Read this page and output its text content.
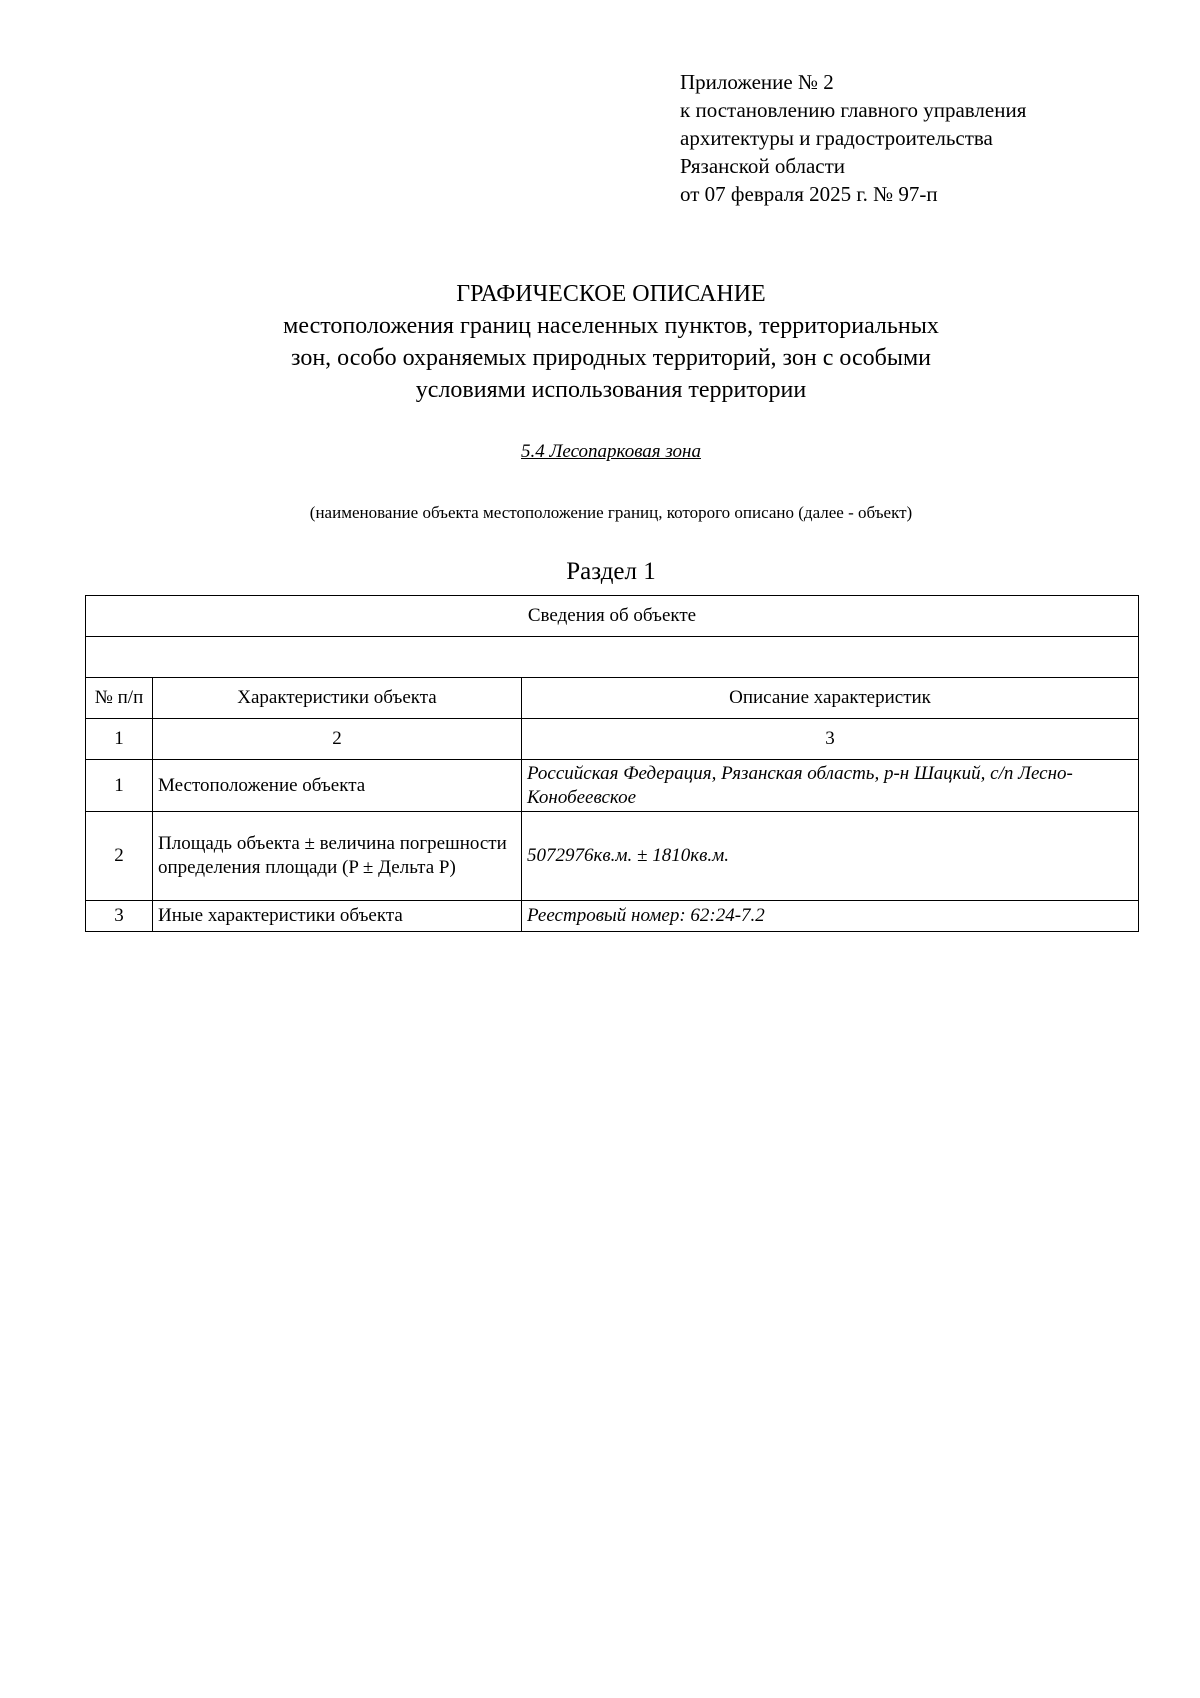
Приложение № 2
к постановлению главного управления
архитектуры и градостроительства
Рязанской области
от 07 февраля 2025 г. № 97-п
ГРАФИЧЕСКОЕ ОПИСАНИЕ
местоположения границ населенных пунктов, территориальных
зон, особо охраняемых природных территорий, зон с особыми
условиями использования территории
5.4 Лесопарковая зона
(наименование объекта местоположение границ, которого описано (далее - объект)
Раздел 1
Сведения об объекте		

№ п/п	Характеристики объекта	Описание характеристик
1	2	3
1	Местоположение объекта	Российская Федерация, Рязанская область, р-н Шацкий, с/п Лесно-Конобеевское
2	Площадь объекта ± величина погрешности определения площади (P ± Дельта P)	5072976кв.м. ± 1810кв.м.
3	Иные характеристики объекта	Реестровый номер: 62:24-7.2
